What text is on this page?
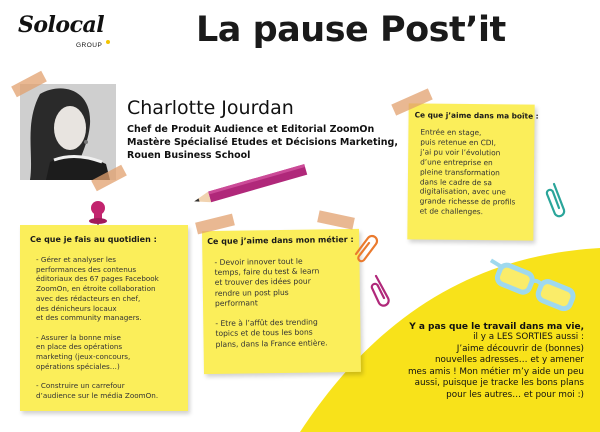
Solocal
GROUP	La pause Post’it
Charlotte Jourdan
Chef de Produit Audience et Editorial ZoomOn
Mastère Spécialisé Etudes et Décisions Marketing,
Rouen Business School
Ce que je fais au quotidien :
- Gérer et analyser les
performances des contenus
éditoriaux des 67 pages Facebook
ZoomOn, en étroite collaboration
avec des rédacteurs en chef,
des dénicheurs locaux
et des community managers.

- Assurer la bonne mise
en place des opérations
marketing (jeux-concours,
opérations spéciales…)

- Construire un carrefour
d’audience sur le média ZoomOn.
Ce que j’aime dans mon métier :
- Devoir innover tout le
temps, faire du test & learn
et trouver des idées pour
rendre un post plus
performant

- Etre à l’affût des trending
topics et de tous les bons
plans, dans la France entière.
Ce que j’aime dans ma boîte :
Entrée en stage,
puis retenue en CDI,
j’ai pu voir l’évolution
d’une entreprise en
pleine transformation
dans le cadre de sa
digitalisation, avec une
grande richesse de profils
et de challenges.
Y a pas que le travail dans ma vie,
il y a LES SORTIES aussi :
J’aime découvrir de (bonnes)
nouvelles adresses… et y amener
mes amis ! Mon métier m’y aide un peu
aussi, puisque je tracke les bons plans
pour les autres… et pour moi :)
